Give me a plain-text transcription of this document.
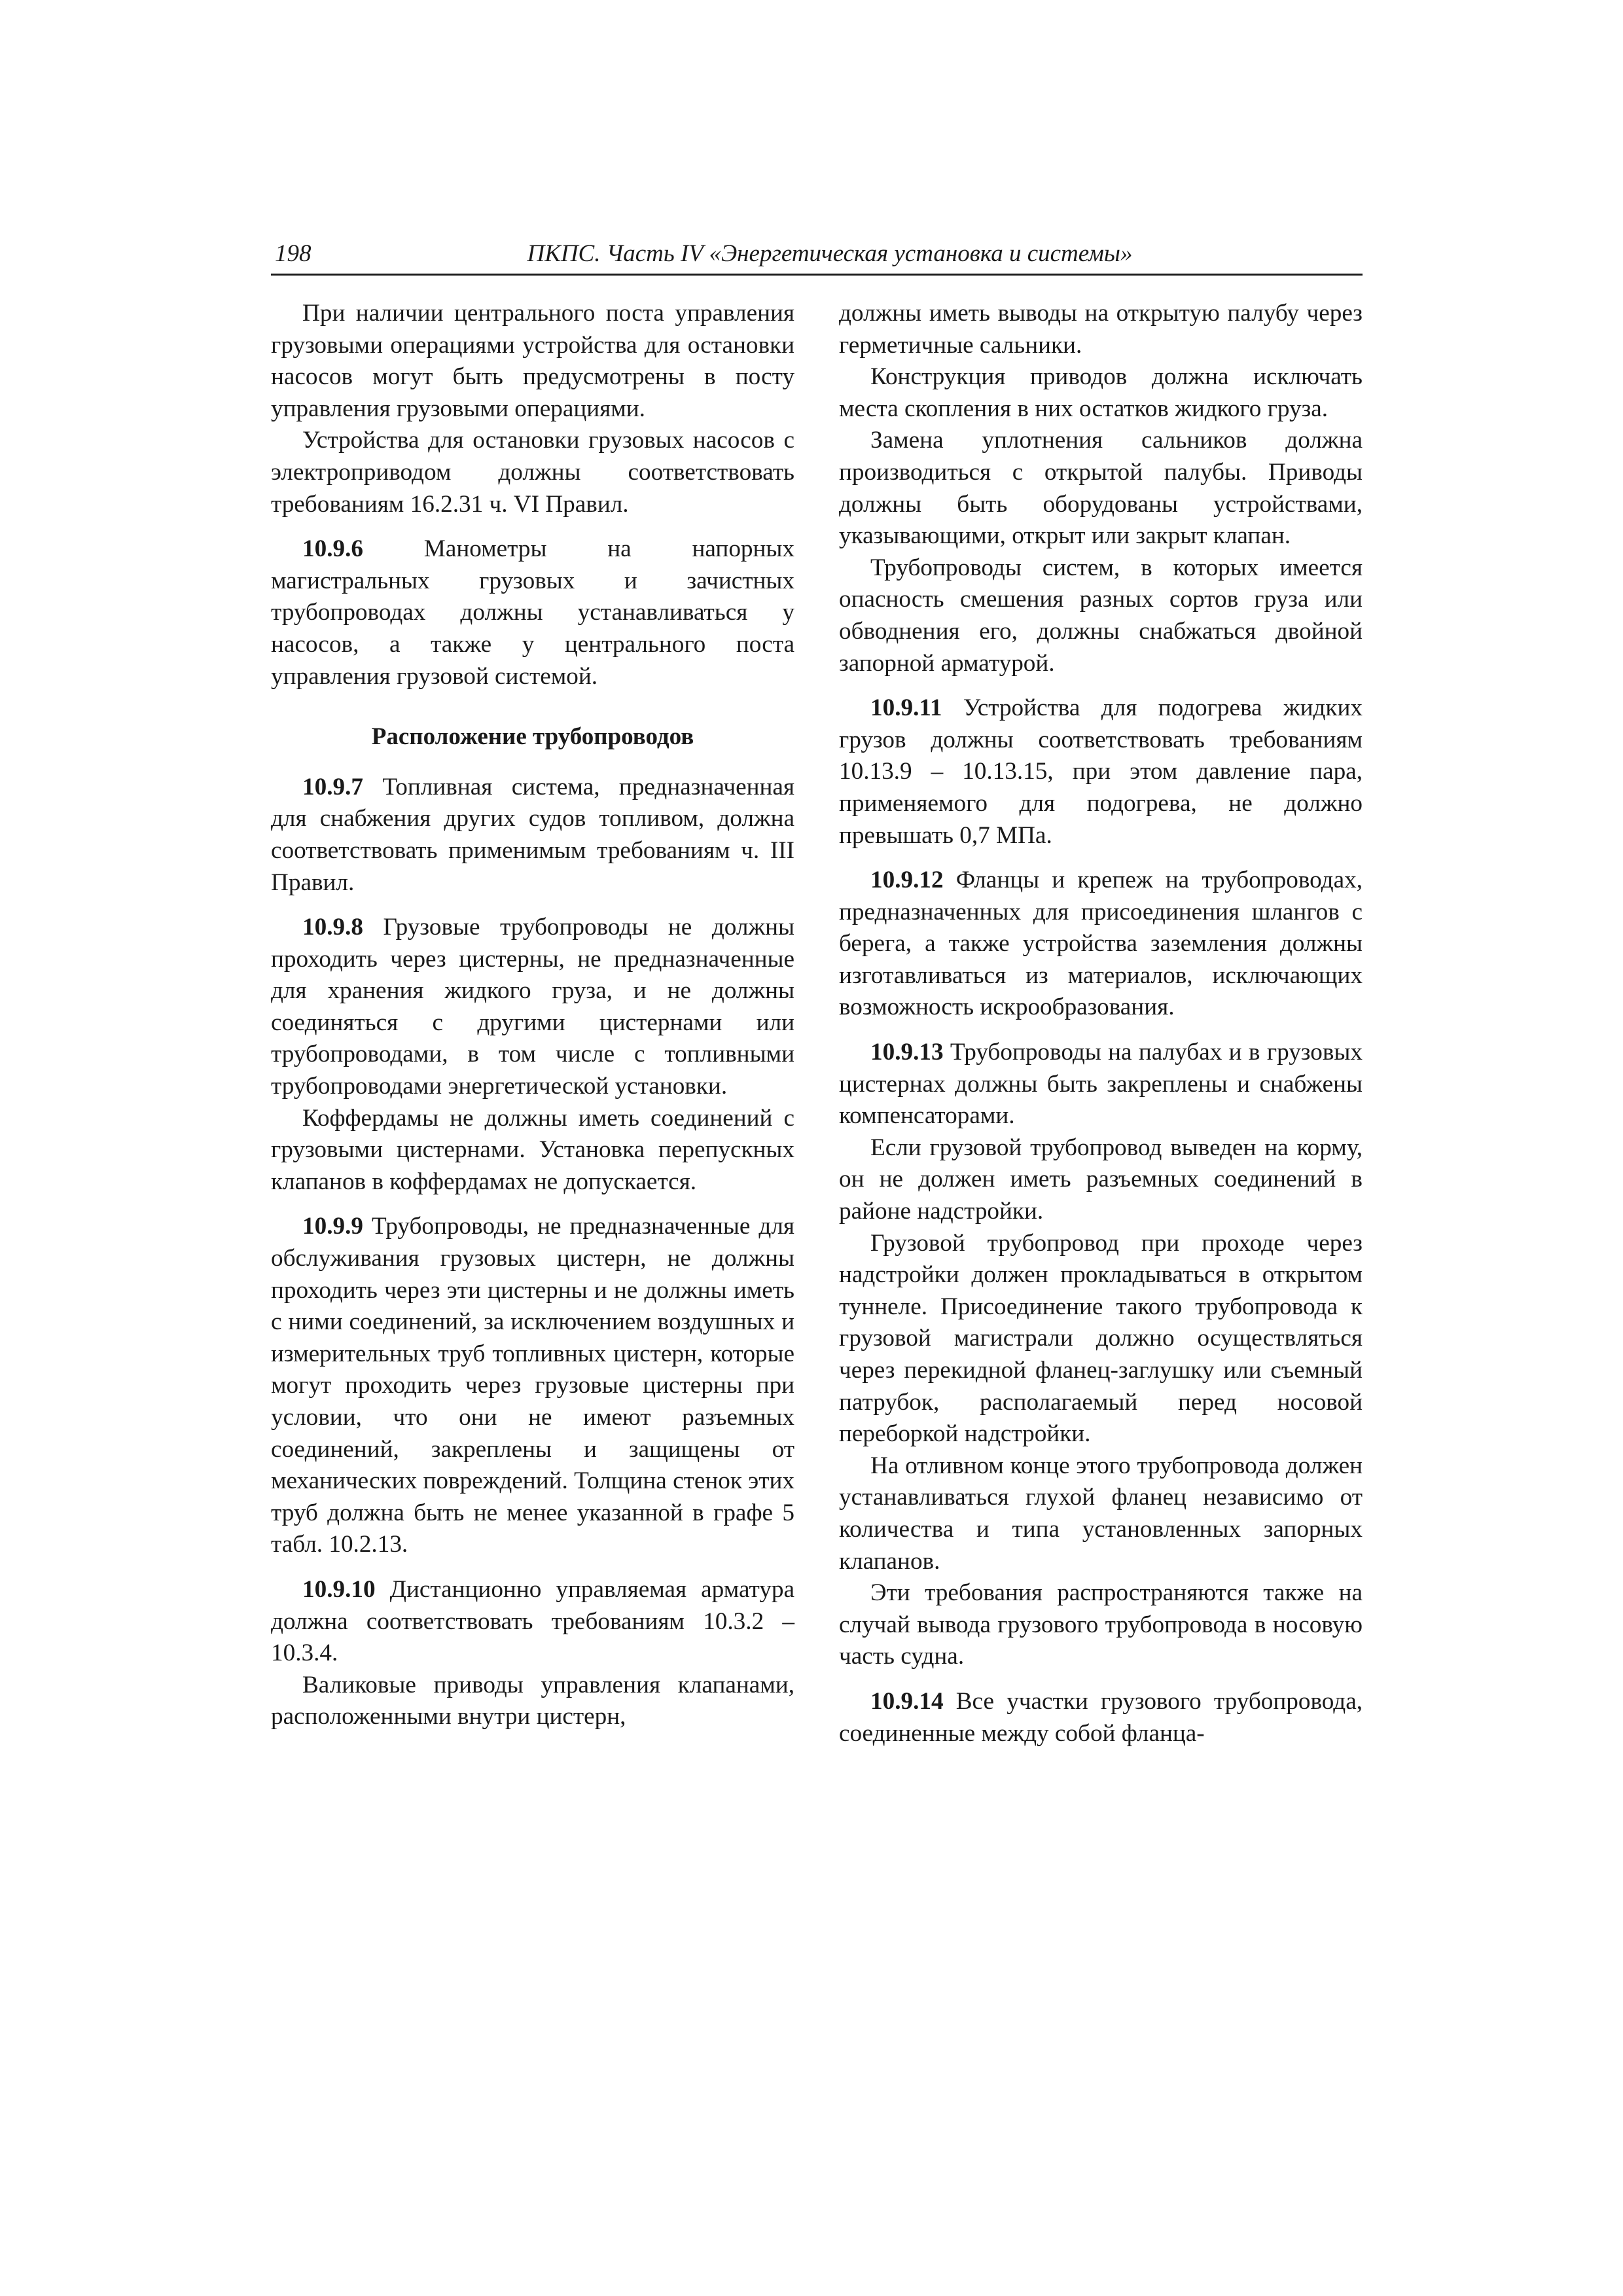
198	ПКПС. Часть IV «Энергетическая установка и системы»

При наличии центрального поста управления грузовыми операциями устройства для остановки насосов могут быть предусмотрены в посту управления грузовыми операциями.

Устройства для остановки грузовых насосов с электроприводом должны соответствовать требованиям 16.2.31 ч. VI Правил.

10.9.6 Манометры на напорных магистральных грузовых и зачистных трубопроводах должны устанавливаться у насосов, а также у центрального поста управления грузовой системой.

Расположение трубопроводов

10.9.7 Топливная система, предназначенная для снабжения других судов топливом, должна соответствовать применимым требованиям ч. III Правил.

10.9.8 Грузовые трубопроводы не должны проходить через цистерны, не предназначенные для хранения жидкого груза, и не должны соединяться с другими цистернами или трубопроводами, в том числе с топливными трубопроводами энергетической установки.

Коффердамы не должны иметь соединений с грузовыми цистернами. Установка перепускных клапанов в коффердамах не допускается.

10.9.9 Трубопроводы, не предназначенные для обслуживания грузовых цистерн, не должны проходить через эти цистерны и не должны иметь с ними соединений, за исключением воздушных и измерительных труб топливных цистерн, которые могут проходить через грузовые цистерны при условии, что они не имеют разъемных соединений, закреплены и защищены от механических повреждений. Толщина стенок этих труб должна быть не менее указанной в графе 5 табл. 10.2.13.

10.9.10 Дистанционно управляемая арматура должна соответствовать требованиям 10.3.2 – 10.3.4.

Валиковые приводы управления клапанами, расположенными внутри цистерн,

должны иметь выводы на открытую палубу через герметичные сальники.

Конструкция приводов должна исключать места скопления в них остатков жидкого груза.

Замена уплотнения сальников должна производиться с открытой палубы. Приводы должны быть оборудованы устройствами, указывающими, открыт или закрыт клапан.

Трубопроводы систем, в которых имеется опасность смешения разных сортов груза или обводнения его, должны снабжаться двойной запорной арматурой.

10.9.11 Устройства для подогрева жидких грузов должны соответствовать требованиям 10.13.9 – 10.13.15, при этом давление пара, применяемого для подогрева, не должно превышать 0,7 МПа.

10.9.12 Фланцы и крепеж на трубопроводах, предназначенных для присоединения шлангов с берега, а также устройства заземления должны изготавливаться из материалов, исключающих возможность искрообразования.

10.9.13 Трубопроводы на палубах и в грузовых цистернах должны быть закреплены и снабжены компенсаторами.

Если грузовой трубопровод выведен на корму, он не должен иметь разъемных соединений в районе надстройки.

Грузовой трубопровод при проходе через надстройки должен прокладываться в открытом туннеле. Присоединение такого трубопровода к грузовой магистрали должно осуществляться через перекидной фланец-заглушку или съемный патрубок, располагаемый перед носовой переборкой надстройки.

На отливном конце этого трубопровода должен устанавливаться глухой фланец независимо от количества и типа установленных запорных клапанов.

Эти требования распространяются также на случай вывода грузового трубопровода в носовую часть судна.

10.9.14 Все участки грузового трубопровода, соединенные между собой фланца-
